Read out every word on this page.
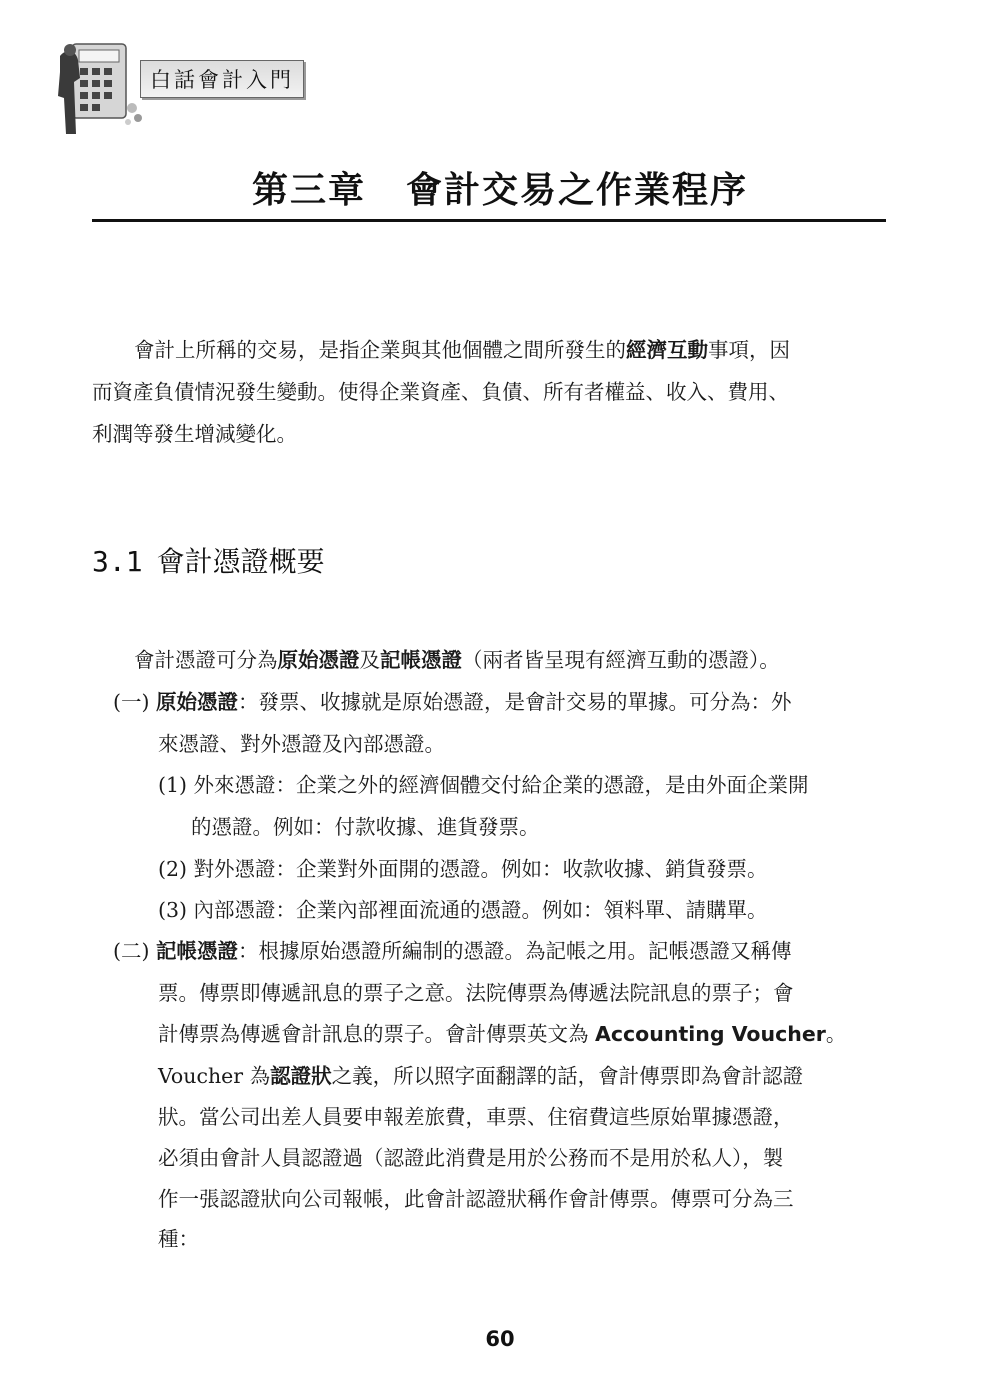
白話會計入門
第三章 會計交易之作業程序
會計上所稱的交易，是指企業與其他個體之間所發生的經濟互動事項，因
而資產負債情況發生變動。使得企業資產、負債、所有者權益、收入、費用、
利潤等發生增減變化。
3.1 會計憑證概要
會計憑證可分為原始憑證及記帳憑證（兩者皆呈現有經濟互動的憑證）。
(一) 原始憑證：發票、收據就是原始憑證，是會計交易的單據。可分為：外
來憑證、對外憑證及內部憑證。
(1) 外來憑證：企業之外的經濟個體交付給企業的憑證，是由外面企業開
的憑證。例如：付款收據、進貨發票。
(2) 對外憑證：企業對外面開的憑證。例如：收款收據、銷貨發票。
(3) 內部憑證：企業內部裡面流通的憑證。例如：領料單、請購單。
(二) 記帳憑證：根據原始憑證所編制的憑證。為記帳之用。記帳憑證又稱傳
票。傳票即傳遞訊息的票子之意。法院傳票為傳遞法院訊息的票子；會
計傳票為傳遞會計訊息的票子。會計傳票英文為 Accounting Voucher。
Voucher 為認證狀之義，所以照字面翻譯的話，會計傳票即為會計認證
狀。當公司出差人員要申報差旅費，車票、住宿費這些原始單據憑證，
必須由會計人員認證過（認證此消費是用於公務而不是用於私人），製
作一張認證狀向公司報帳，此會計認證狀稱作會計傳票。傳票可分為三
種：
60
